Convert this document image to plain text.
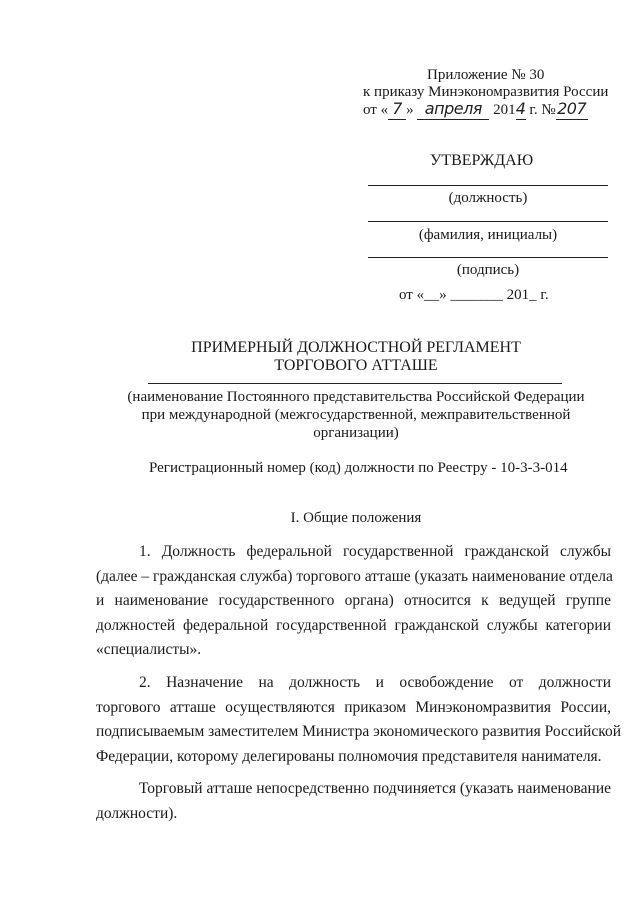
Приложение № 30
к приказу Минэкономразвития России
от « 7 » апреля 2014 г. №207
УТВЕРЖДАЮ
(должность)
(фамилия, инициалы)
(подпись)
от «__» _______ 201_ г.
ПРИМЕРНЫЙ ДОЛЖНОСТНОЙ РЕГЛАМЕНТ
ТОРГОВОГО АТТАШЕ
(наименование Постоянного представительства Российской Федерации
при международной (межгосударственной, межправительственной
организации)
Регистрационный номер (код) должности по Реестру - 10-3-3-014
I. Общие положения
1. Должность федеральной государственной гражданской службы
(далее – гражданская служба) торгового атташе (указать наименование отдела
и наименование государственного органа) относится к ведущей группе
должностей федеральной государственной гражданской службы категории
«специалисты».
2. Назначение на должность и освобождение от должности
торгового атташе осуществляются приказом Минэкономразвития России,
подписываемым заместителем Министра экономического развития Российской
Федерации, которому делегированы полномочия представителя нанимателя.
Торговый атташе непосредственно подчиняется (указать наименование
должности).
